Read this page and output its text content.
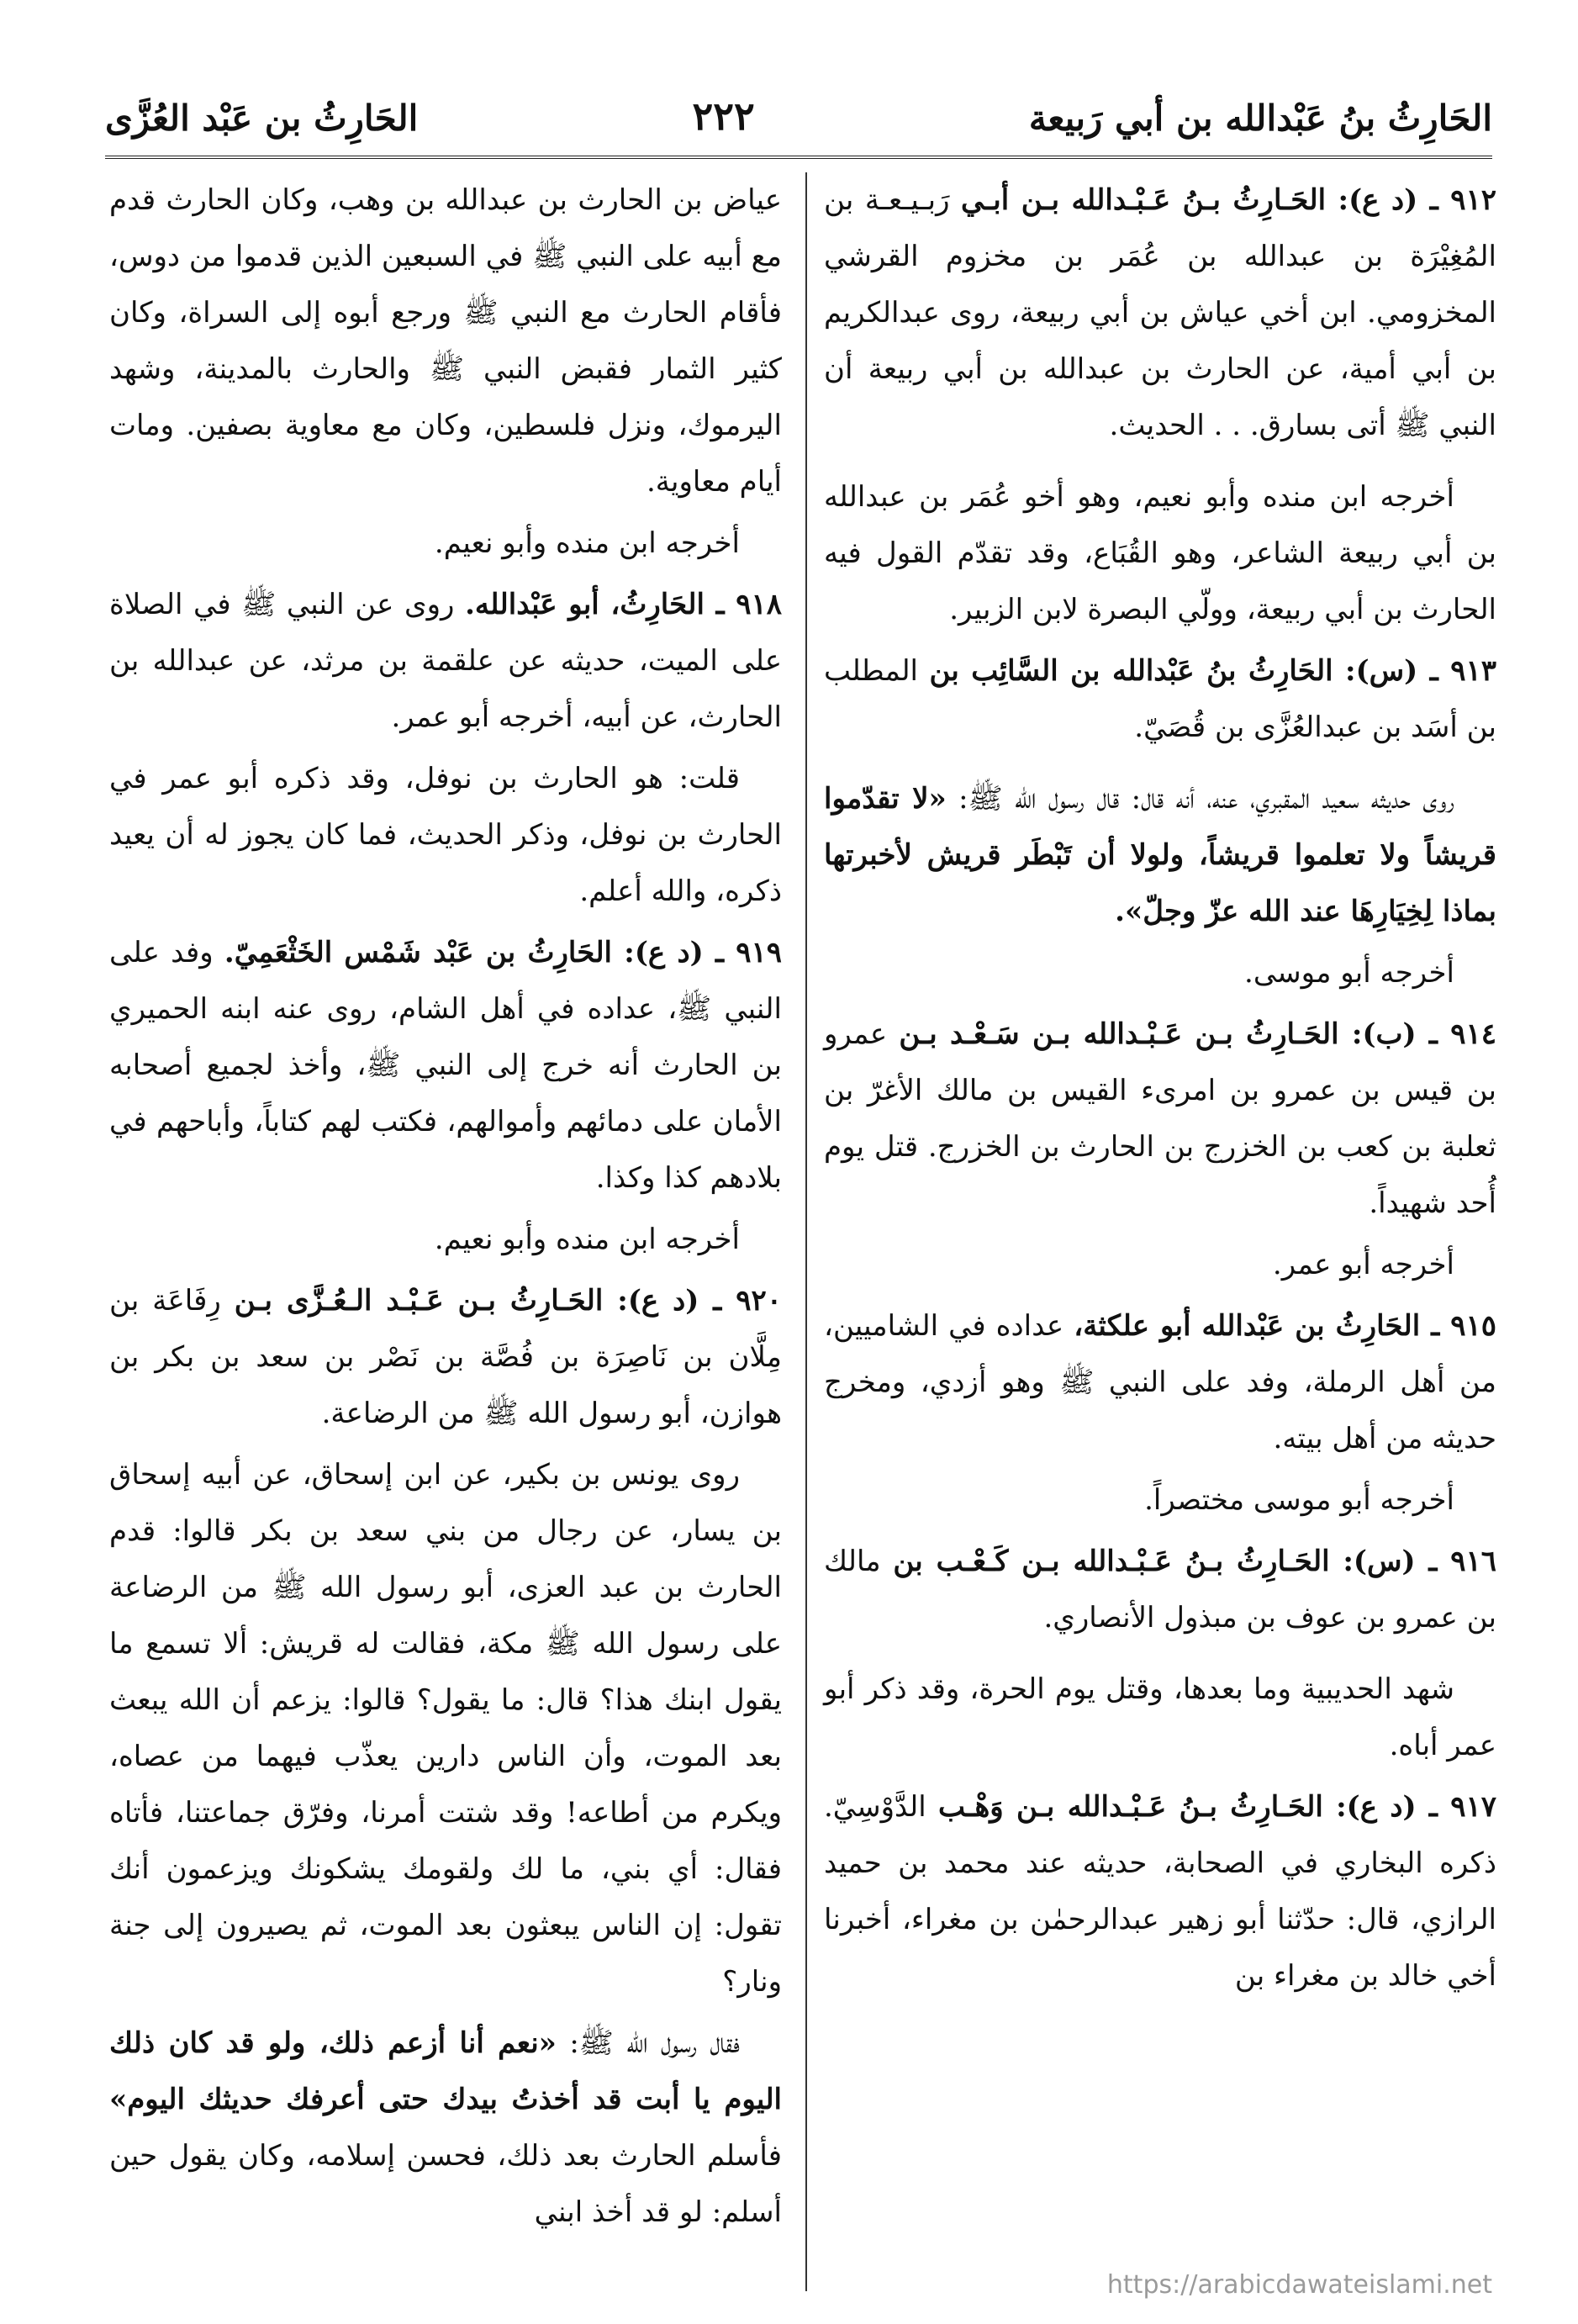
الحَارِثُ بنُ عَبْدالله بن أبي رَبيعة
٢٢٢
الحَارِثُ بن عَبْد العُزَّى

٩١٢ ـ (د ع): الحَـارِثُ بـنُ عَـبْـدالله بـن أبـي رَبـيـعـة بن المُغِيْرَة بن عبدالله بن عُمَر بن مخزوم القرشي المخزومي. ابن أخي عياش بن أبي ربيعة، روى عبدالكريم بن أبي أمية، عن الحارث بن عبدالله بن أبي ربيعة أن النبي ﷺ أتى بسارق. . . الحديث.

أخرجه ابن منده وأبو نعيم، وهو أخو عُمَر بن عبدالله بن أبي ربيعة الشاعر، وهو القُبَاع، وقد تقدّم القول فيه الحارث بن أبي ربيعة، وولّي البصرة لابن الزبير.

٩١٣ ـ (س): الحَارِثُ بنُ عَبْدالله بن السَّائِب بن المطلب بن أسَد بن عبدالعُزَّى بن قُصَيّ.

روى حديثه سعيد المقبري، عنه، أنه قال: قال رسول الله ﷺ: «لا تقدّموا قريشاً ولا تعلموا قريشاً، ولولا أن تَبْطَر قريش لأخبرتها بماذا لِخِيَارِهَا عند الله عزّ وجلّ».

أخرجه أبو موسى.

٩١٤ ـ (ب): الحَـارِثُ بـن عَـبْـدالله بـن سَـعْـد بـن عمرو بن قيس بن عمرو بن امرىء القيس بن مالك الأغرّ بن ثعلبة بن كعب بن الخزرج بن الحارث بن الخزرج. قتل يوم أُحد شهيداً.

أخرجه أبو عمر.

٩١٥ ـ الحَارِثُ بن عَبْدالله أبو علكثة، عداده في الشاميين، من أهل الرملة، وفد على النبي ﷺ وهو أزدي، ومخرج حديثه من أهل بيته.

أخرجه أبو موسى مختصراً.

٩١٦ ـ (س): الحَـارِثُ بـنُ عَـبْـدالله بـن كَـعْـب بن مالك بن عمرو بن عوف بن مبذول الأنصاري.

شهد الحديبية وما بعدها، وقتل يوم الحرة، وقد ذكر أبو عمر أباه.

٩١٧ ـ (د ع): الحَـارِثُ بـنُ عَـبْـدالله بـن وَهْـب الدَّوْسِيّ. ذكره البخاري في الصحابة، حديثه عند محمد بن حميد الرازي، قال: حدّثنا أبو زهير عبدالرحمٰن بن مغراء، أخبرنا أخي خالد بن مغراء بن

عياض بن الحارث بن عبدالله بن وهب، وكان الحارث قدم مع أبيه على النبي ﷺ في السبعين الذين قدموا من دوس، فأقام الحارث مع النبي ﷺ ورجع أبوه إلى السراة، وكان كثير الثمار فقبض النبي ﷺ والحارث بالمدينة، وشهد اليرموك، ونزل فلسطين، وكان مع معاوية بصفين. ومات أيام معاوية.

أخرجه ابن منده وأبو نعيم.

٩١٨ ـ الحَارِثُ، أبو عَبْدالله. روى عن النبي ﷺ في الصلاة على الميت، حديثه عن علقمة بن مرثد، عن عبدالله بن الحارث، عن أبيه، أخرجه أبو عمر.

قلت: هو الحارث بن نوفل، وقد ذكره أبو عمر في الحارث بن نوفل، وذكر الحديث، فما كان يجوز له أن يعيد ذكره، والله أعلم.

٩١٩ ـ (د ع): الحَارِثُ بن عَبْد شَمْس الخَثْعَمِيّ. وفد على النبي ﷺ، عداده في أهل الشام، روى عنه ابنه الحميري بن الحارث أنه خرج إلى النبي ﷺ، وأخذ لجميع أصحابه الأمان على دمائهم وأموالهم، فكتب لهم كتاباً، وأباحهم في بلادهم كذا وكذا.

أخرجه ابن منده وأبو نعيم.

٩٢٠ ـ (د ع): الحَـارِثُ بـن عَـبْـد الـعُـزَّى بـن رِفَاعَة بن مِلَّان بن نَاصِرَة بن فُصَّة بن نَصْر بن سعد بن بكر بن هوازن، أبو رسول الله ﷺ من الرضاعة.

روى يونس بن بكير، عن ابن إسحاق، عن أبيه إسحاق بن يسار، عن رجال من بني سعد بن بكر قالوا: قدم الحارث بن عبد العزى، أبو رسول الله ﷺ من الرضاعة على رسول الله ﷺ مكة، فقالت له قريش: ألا تسمع ما يقول ابنك هذا؟ قال: ما يقول؟ قالوا: يزعم أن الله يبعث بعد الموت، وأن الناس دارين يعذّب فيهما من عصاه، ويكرم من أطاعه! وقد شتت أمرنا، وفرّق جماعتنا، فأتاه فقال: أي بني، ما لك ولقومك يشكونك ويزعمون أنك تقول: إن الناس يبعثون بعد الموت، ثم يصيرون إلى جنة ونار؟

فقال رسول الله ﷺ: «نعم أنا أزعم ذلك، ولو قد كان ذلك اليوم يا أبت قد أخذتُ بيدك حتى أعرفك حديثك اليوم» فأسلم الحارث بعد ذلك، فحسن إسلامه، وكان يقول حين أسلم: لو قد أخذ ابني

https://arabicdawateislami.net
